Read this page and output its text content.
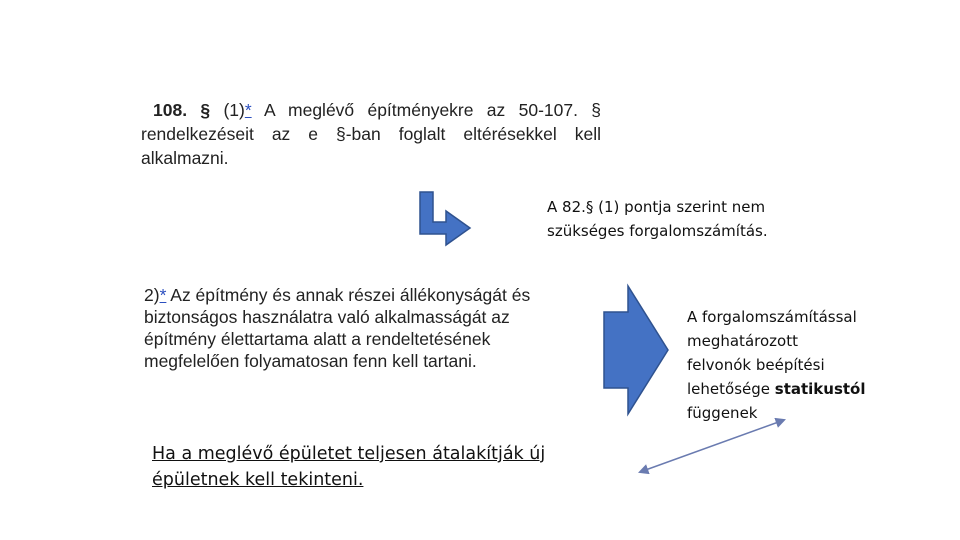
108. § (1)* A meglévő építményekre az 50-107. § rendelkezéseit az e §-ban foglalt eltérésekkel kell alkalmazni.
A 82.§ (1) pontja szerint nem
szükséges forgalomszámítás.
2)* Az építmény és annak részei állékonyságát és biztonságos használatra való alkalmasságát az építmény élettartama alatt a rendeltetésének megfelelően folyamatosan fenn kell tartani.
A forgalomszámítással
meghatározott
felvonók beépítési
lehetősége statikustól
függenek
Ha a meglévő épületet teljesen átalakítják új
épületnek kell tekinteni.
